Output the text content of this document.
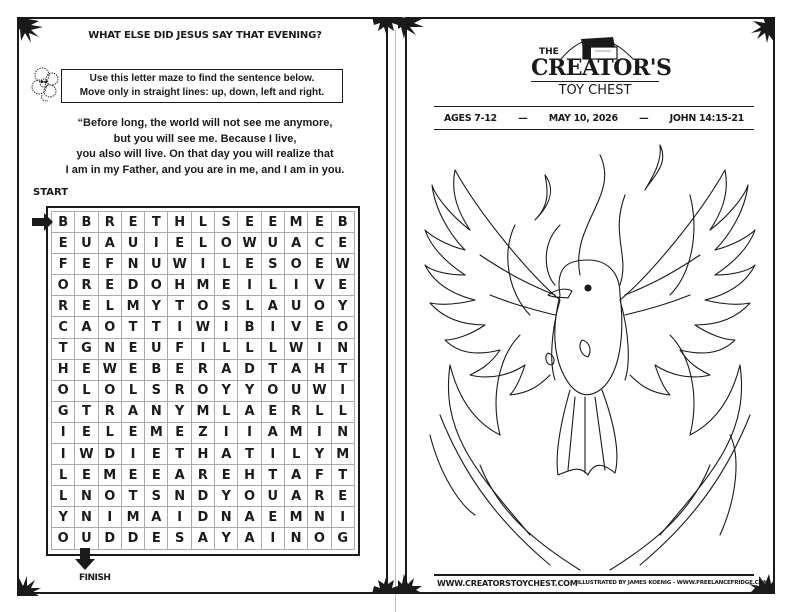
WHAT ELSE DID JESUS SAY THAT EVENING?
Use this letter maze to find the sentence below.
Move only in straight lines: up, down, left and right.
“Before long, the world will not see me anymore,
but you will see me. Because I live,
you also will live. On that day you will realize that
I am in my Father, and you are in me, and I am in you.
START
B	B	R	E	T	H	L	S	E	E M E	B
E	U A U	I	E	L	O W U A	C	E
F	E	F	N U W	I	L	E	S	O	E W
O R	E	D O H M E	I	L	I	V	E
R	E	L M Y	T	O	S	L	A U O	Y
C	A O	T	T	I	W	I	B	I	V	E	O
T	G N	E	U	F	I	L	L	L W	I	N
H	E W E	B	E	R	A D	T	A H	T
O	L	O	L	S	R O	Y	Y	O U W	I
G	T	R	A N	Y M L	A	E	R	L	L
I	E	L	E M E	Z	I	I	A M	I	N
I	W D	I	E	T	H A	T	I	L	Y M
L	E M E	E	A	R	E	H	T	A	F	T
L	N O	T	S	N D	Y	O U A	R	E
Y	N	I	M A	I	D N A	E M N	I
O U D D	E	S	A	Y	A	I	N O G
FINISH
THE
CREATOR'S
TOY CHEST
AGES 7-12 — MAY 10, 2026 — JOHN 14:15-21
WWW.CREATORSTOYCHEST.COM ILLUSTRATED BY JAMES KOENIG - WWW.FREELANCEFRIDGE.COM
